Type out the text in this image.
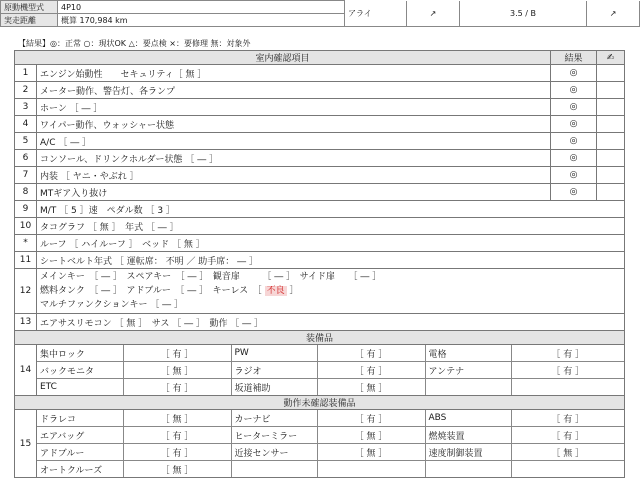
原動機型式	4P10	アライ	↗	3.5 / B	↗
実走距離	概算 170,984 km				
【結果】◎：正常 ○：現状OK △：要点検 ×：要修理 無：対象外
室内確認項目	結果	✍
1	エンジン始動性　　セキュリティ［ 無 ］	◎	
2	メーター動作、警告灯、各ランプ	◎	
3	ホーン ［ ― ］	◎	
4	ワイパー動作、ウォッシャー状態	◎	
5	A/C ［ ― ］	◎	
6	コンソール、ドリンクホルダー状態 ［ ― ］	◎	
7	内装 ［ ヤニ・やぶれ ］	◎	
8	MTギア入り抜け	◎	
9	M/T ［ 5 ］速　ペダル数 ［ 3 ］
10	タコグラフ ［ 無 ］　年式 ［ ― ］
*	ルーフ ［ ハイルーフ ］　ベッド ［ 無 ］
11	シートベルト年式 ［ 運転席： 不明 ／ 助手席： ― ］
12	
メインキー　［ ― ］　スペアキー　［ ― ］　観音扉　　　［ ― ］　サイド扉　　［ ― ］
燃料タンク　［ ― ］　アドブルー　［ ― ］　キーレス　［ 不良 ］
マルチファンクションキー ［ ― ］

13	エアサスリモコン ［ 無 ］　サス ［ ― ］　動作 ［ ― ］
装備品
14	
集中ロック	［ 有 ］	PW	［ 有 ］	電格	［ 有 ］
バックモニタ	［ 無 ］	ラジオ	［ 有 ］	アンテナ	［ 有 ］
ETC	［ 有 ］	坂道補助	［ 無 ］		

動作未確認装備品
15	
ドラレコ	［ 無 ］	カーナビ	［ 有 ］	ABS	［ 有 ］
エアバッグ	［ 有 ］	ヒーターミラー	［ 無 ］	燃焼装置	［ 有 ］
アドブルー	［ 有 ］	近接センサー	［ 無 ］	速度制御装置	［ 無 ］
オートクルーズ	［ 無 ］				
